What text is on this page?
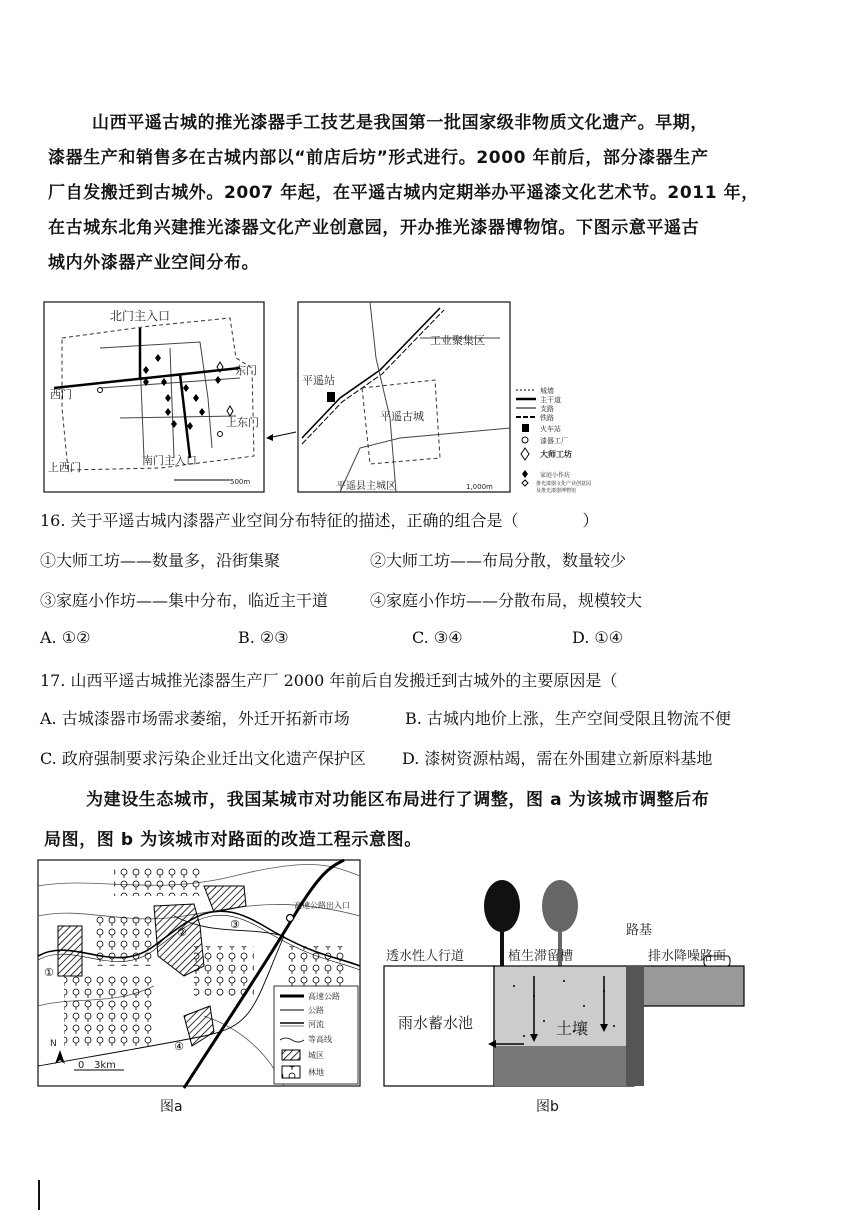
山西平遥古城的推光漆器手工技艺是我国第一批国家级非物质文化遗产。早期，
漆器生产和销售多在古城内部以“前店后坊”形式进行。2000 年前后，部分漆器生产
厂自发搬迁到古城外。2007 年起，在平遥古城内定期举办平遥漆文化艺术节。2011 年，
在古城东北角兴建推光漆器文化产业创意园，开办推光漆器博物馆。下图示意平遥古
城内外漆器产业空间分布。
北门主入口
西门
东门
上东门
上西门
南门主入口
500m
工业聚集区
平遥站
平遥古城
平遥县主城区	1,000m
城墙
主干道
支路
铁路
火车站
漆器工厂
大师工坊
家庭小作坊
推光漆器文化产业创意园
及推光漆器博物馆
16. 关于平遥古城内漆器产业空间分布特征的描述，正确的组合是（　　　　）
①大师工坊——数量多，沿街集聚	②大师工坊——布局分散，数量较少
③家庭小作坊——集中分布，临近主干道	④家庭小作坊——分散布局，规模较大
A. ①②	B. ②③	C. ③④	D. ①④
17. 山西平遥古城推光漆器生产厂 2000 年前后自发搬迁到古城外的主要原因是（
A. 古城漆器市场需求萎缩，外迁开拓新市场	B. 古城内地价上涨，生产空间受限且物流不便
C. 政府强制要求污染企业迁出文化遗产保护区 D. 漆树资源枯竭，需在外围建立新原料基地
为建设生态城市，我国某城市对功能区布局进行了调整，图 a 为该城市调整后布
局图，图 b 为该城市对路面的改造工程示意图。
①
②
③
④
高速公路出入口
高速公路
公路
河流
等高线
城区
林地
N
0 3km
图a
透水性人行道	植生滞留槽
路基
排水降噪路面
雨水蓄水池	土壤
图b
